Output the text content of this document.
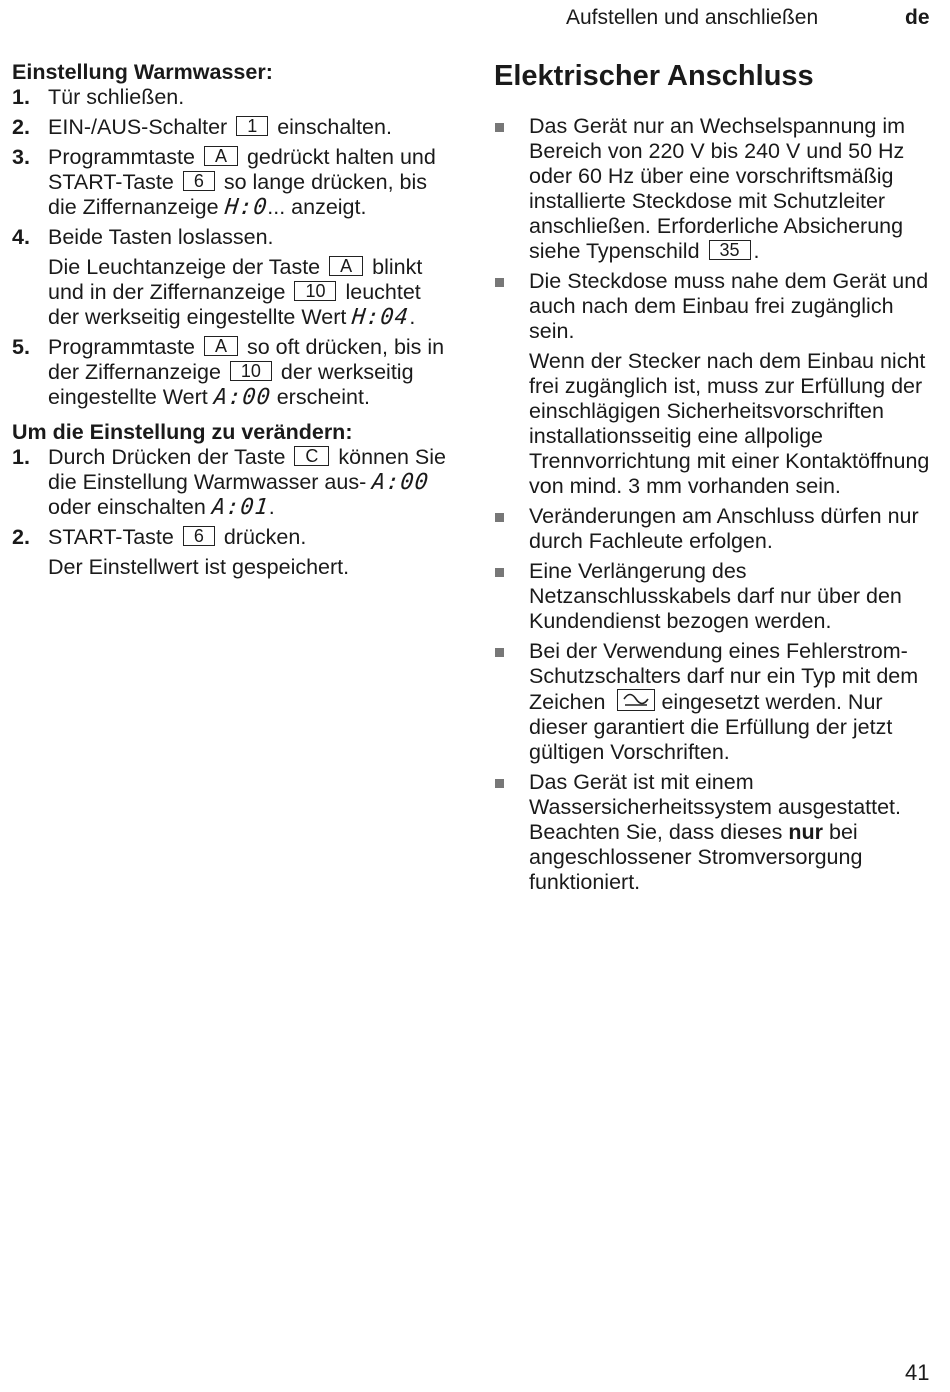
Aufstellen und anschließen	de

Einstellung Warmwasser:

1. Tür schließen.
2. EIN-/AUS-Schalter 1 einschalten.
3. Programmtaste A gedrückt halten und START-Taste 6 so lange drücken, bis die Ziffernanzeige H:0... anzeigt.
4. Beide Tasten loslassen.
Die Leuchtanzeige der Taste A blinkt und in der Ziffernanzeige 10 leuchtet der werkseitig eingestellte Wert H:04.
5. Programmtaste A so oft drücken, bis in der Ziffernanzeige 10 der werkseitig eingestellte Wert A:00 erscheint.

Um die Einstellung zu verändern:

1. Durch Drücken der Taste C können Sie die Einstellung Warmwasser aus- A:00 oder einschalten A:01.
2. START-Taste 6 drücken.
Der Einstellwert ist gespeichert.
Elektrischer Anschluss
Das Gerät nur an Wechselspannung im Bereich von 220 V bis 240 V und 50 Hz oder 60 Hz über eine vorschriftsmäßig installierte Steckdose mit Schutzleiter anschließen. Erforderliche Absicherung siehe Typenschild 35 .
Die Steckdose muss nahe dem Gerät und auch nach dem Einbau frei zugänglich sein.
Wenn der Stecker nach dem Einbau nicht frei zugänglich ist, muss zur Erfüllung der einschlägigen Sicherheitsvorschriften installationsseitig eine allpolige Trennvorrichtung mit einer Kontaktöffnung von mind. 3 mm vorhanden sein.
Veränderungen am Anschluss dürfen nur durch Fachleute erfolgen.
Eine Verlängerung des Netzanschlusskabels darf nur über den Kundendienst bezogen werden.
Bei der Verwendung eines Fehlerstrom-Schutzschalters darf nur ein Typ mit dem Zeichen	eingesetzt werden. Nur dieser garantiert die Erfüllung der jetzt gültigen Vorschriften.
Das Gerät ist mit einem Wassersicherheitssystem ausgestattet. Beachten Sie, dass dieses nur bei angeschlossener Stromversorgung funktioniert.
41
